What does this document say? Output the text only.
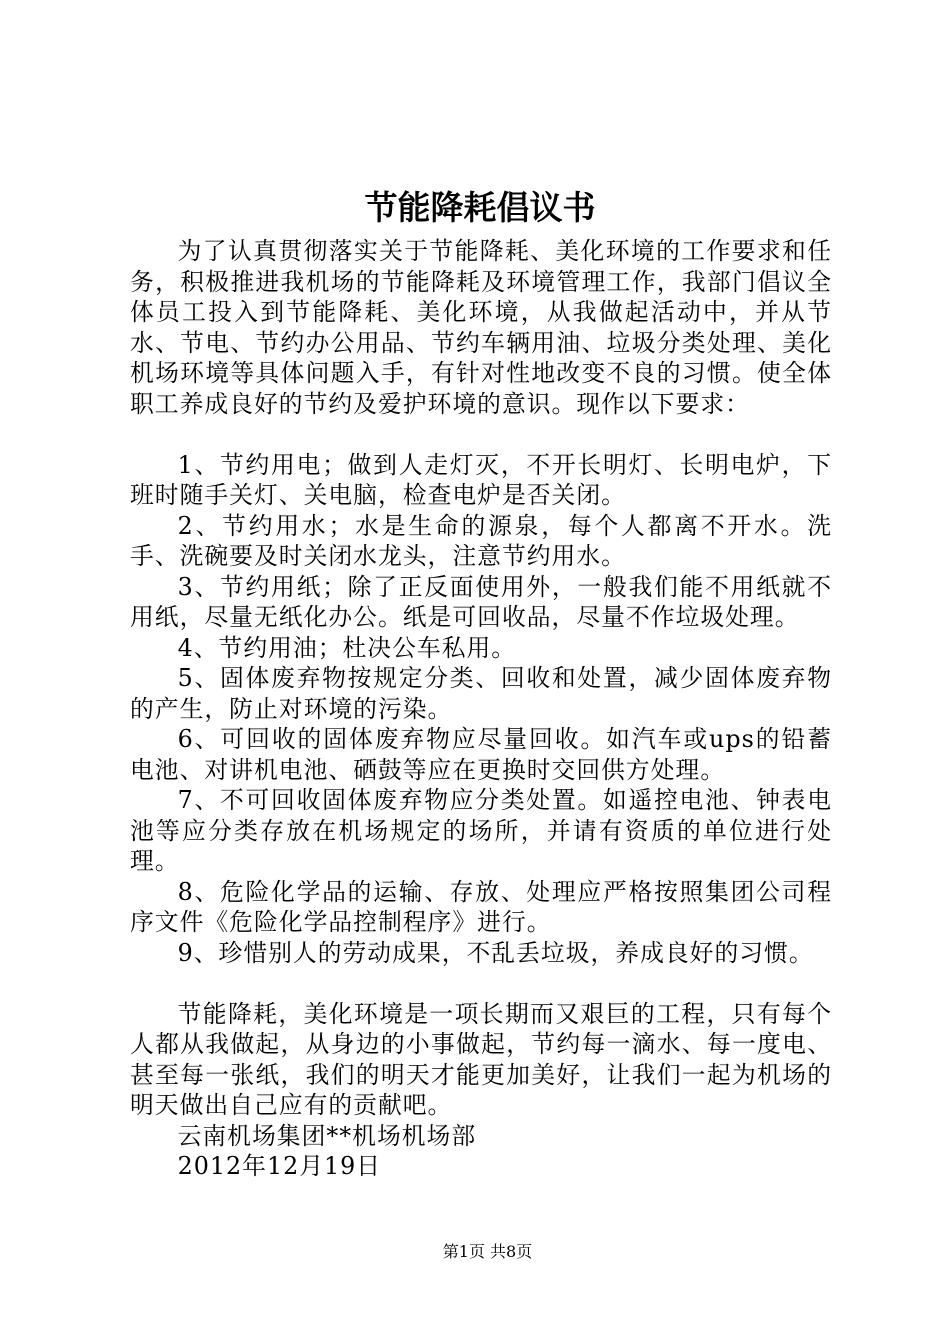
节能降耗倡议书

为了认真贯彻落实关于节能降耗、美化环境的工作要求和任务，积极推进我机场的节能降耗及环境管理工作，我部门倡议全体员工投入到节能降耗、美化环境，从我做起活动中，并从节水、节电、节约办公用品、节约车辆用油、垃圾分类处理、美化机场环境等具体问题入手，有针对性地改变不良的习惯。使全体职工养成良好的节约及爱护环境的意识。现作以下要求：

1、节约用电；做到人走灯灭，不开长明灯、长明电炉，下班时随手关灯、关电脑，检查电炉是否关闭。

2、节约用水；水是生命的源泉，每个人都离不开水。洗手、洗碗要及时关闭水龙头，注意节约用水。

3、节约用纸；除了正反面使用外，一般我们能不用纸就不用纸，尽量无纸化办公。纸是可回收品，尽量不作垃圾处理。

4、节约用油；杜决公车私用。

5、固体废弃物按规定分类、回收和处置，减少固体废弃物的产生，防止对环境的污染。

6、可回收的固体废弃物应尽量回收。如汽车或ups的铅蓄电池、对讲机电池、硒鼓等应在更换时交回供方处理。

7、不可回收固体废弃物应分类处置。如遥控电池、钟表电池等应分类存放在机场规定的场所，并请有资质的单位进行处理。

8、危险化学品的运输、存放、处理应严格按照集团公司程序文件《危险化学品控制程序》进行。

9、珍惜别人的劳动成果，不乱丢垃圾，养成良好的习惯。

节能降耗，美化环境是一项长期而又艰巨的工程，只有每个人都从我做起，从身边的小事做起，节约每一滴水、每一度电、甚至每一张纸，我们的明天才能更加美好，让我们一起为机场的明天做出自己应有的贡献吧。

云南机场集团**机场机场部

2012年12月19日

第1页 共8页
